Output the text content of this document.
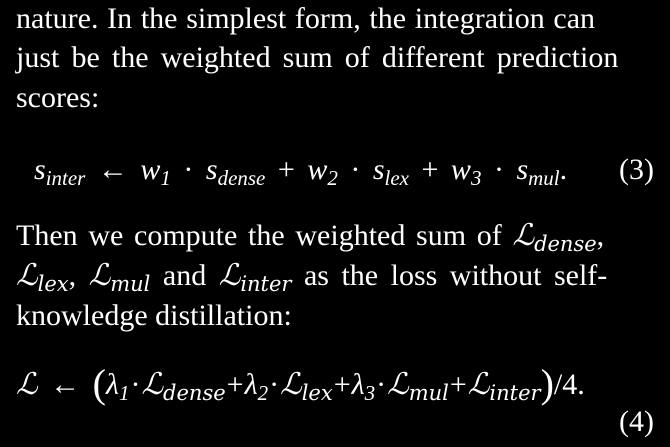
nature. In the simplest form, the integration can
just be the weighted sum of different prediction
scores:
$s_{inter}$ ← $w_1 \cdot s_{dense} + w_2 \cdot s_{lex} + w_3 \cdot s_{mul}$. (3)
Then we compute the weighted sum of ℒ$_{dense}$,
ℒ$_{lex}$, ℒ$_{mul}$ and ℒ$_{inter}$ as the loss without self-
knowledge distillation:
ℒ ← $(\lambda_1\cdot ℒ_{dense}+\lambda_2\cdot ℒ_{lex}+\lambda_3\cdot ℒ_{mul}+ℒ_{inter})/4$.
(4)
